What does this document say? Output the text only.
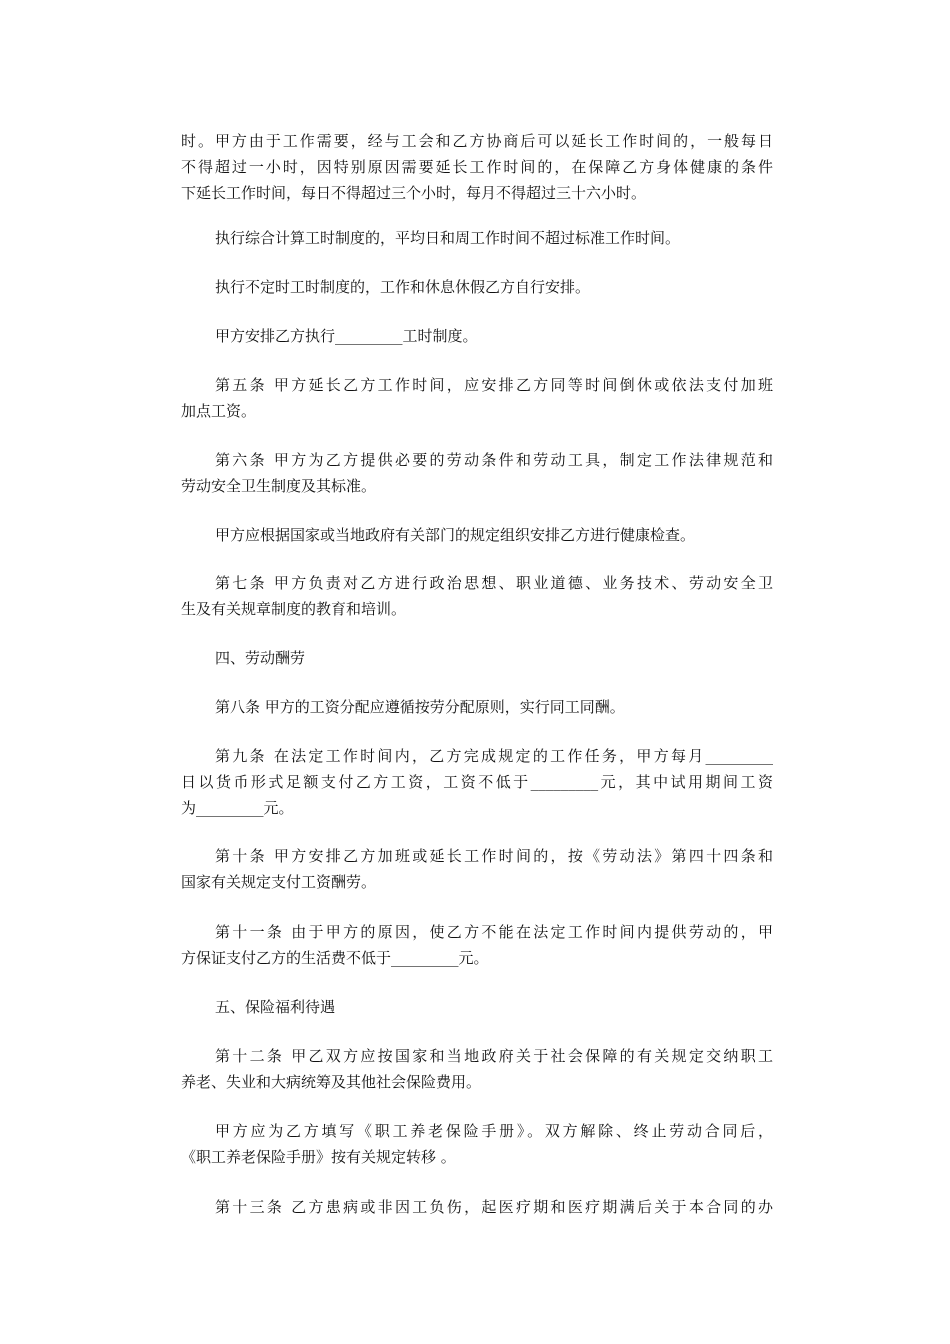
时。甲方由于工作需要，经与工会和乙方协商后可以延长工作时间的，一般每日
不得超过一小时，因特别原因需要延长工作时间的，在保障乙方身体健康的条件
下延长工作时间，每日不得超过三个小时，每月不得超过三十六小时。
执行综合计算工时制度的，平均日和周工作时间不超过标准工作时间。
执行不定时工时制度的，工作和休息休假乙方自行安排。
甲方安排乙方执行_________工时制度。
第五条 甲方延长乙方工作时间，应安排乙方同等时间倒休或依法支付加班
加点工资。
第六条 甲方为乙方提供必要的劳动条件和劳动工具，制定工作法律规范和
劳动安全卫生制度及其标准。
甲方应根据国家或当地政府有关部门的规定组织安排乙方进行健康检查。
第七条 甲方负责对乙方进行政治思想、职业道德、业务技术、劳动安全卫
生及有关规章制度的教育和培训。
四、劳动酬劳
第八条 甲方的工资分配应遵循按劳分配原则，实行同工同酬。
第九条 在法定工作时间内，乙方完成规定的工作任务，甲方每月_________
日以货币形式足额支付乙方工资，工资不低于_________元，其中试用期间工资
为_________元。
第十条 甲方安排乙方加班或延长工作时间的，按《劳动法》第四十四条和
国家有关规定支付工资酬劳。
第十一条 由于甲方的原因，使乙方不能在法定工作时间内提供劳动的，甲
方保证支付乙方的生活费不低于_________元。
五、保险福利待遇
第十二条 甲乙双方应按国家和当地政府关于社会保障的有关规定交纳职工
养老、失业和大病统筹及其他社会保险费用。
甲方应为乙方填写《职工养老保险手册》。双方解除、终止劳动合同后，
《职工养老保险手册》按有关规定转移 。
第十三条 乙方患病或非因工负伤，起医疗期和医疗期满后关于本合同的办
